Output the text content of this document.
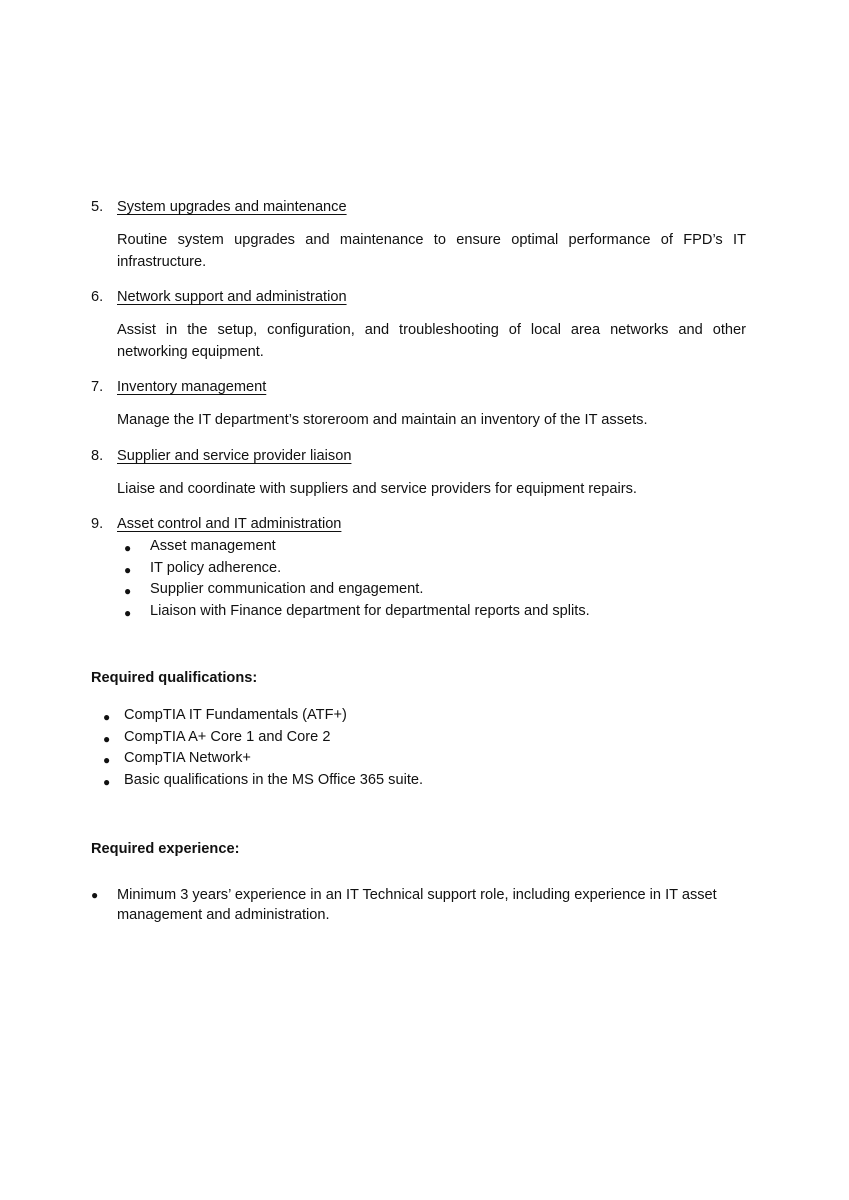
5. System upgrades and maintenance

Routine system upgrades and maintenance to ensure optimal performance of FPD’s IT infrastructure.

6. Network support and administration

Assist in the setup, configuration, and troubleshooting of local area networks and other networking equipment.

7. Inventory management

Manage the IT department’s storeroom and maintain an inventory of the IT assets.

8. Supplier and service provider liaison

Liaise and coordinate with suppliers and service providers for equipment repairs.

9. Asset control and IT administration

● Asset management
● IT policy adherence.
● Supplier communication and engagement.
● Liaison with Finance department for departmental reports and splits.

Required qualifications:

● CompTIA IT Fundamentals (ATF+)
● CompTIA A+ Core 1 and Core 2
● CompTIA Network+
● Basic qualifications in the MS Office 365 suite.

Required experience:

● Minimum 3 years’ experience in an IT Technical support role, including experience in IT asset management and administration.
